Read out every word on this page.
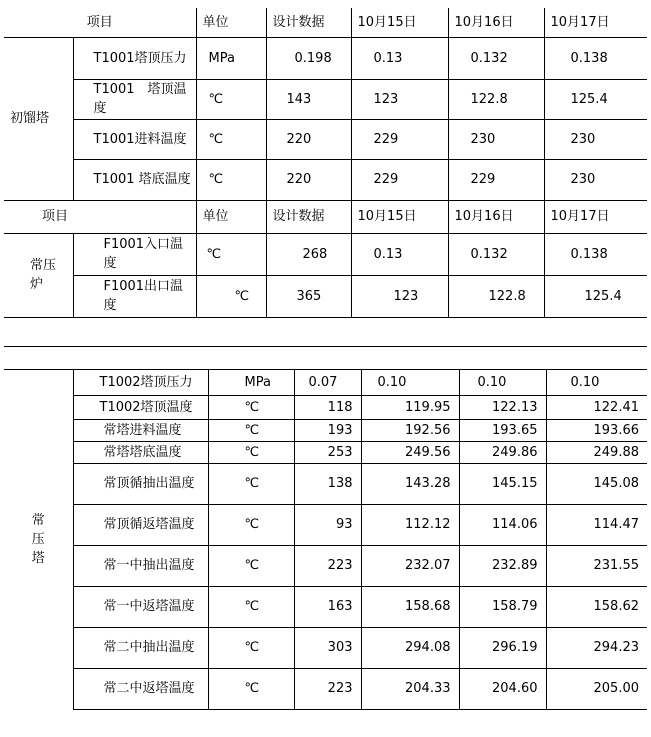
项目		单位	设计数据	10月15日	10月16日	10月17日
初馏塔	T1001塔顶压力	MPa	0.198	0.13	0.132	0.138
	T1001　塔顶温度	℃	143	123	122.8	125.4
	T1001进料温度	℃	220	229	230	230
	T1001 塔底温度	℃	220	229	229	230
项目		单位	设计数据	10月15日	10月16日	10月17日
常压炉	F1001入口温度	℃	268	0.13	0.132	0.138
	F1001出口温度	℃	365	123	122.8	125.4

常压塔	T1002塔顶压力	MPa	0.07	0.10	0.10	0.10
	T1002塔顶温度	℃	118	119.95	122.13	122.41
	常塔进料温度	℃	193	192.56	193.65	193.66
	常塔塔底温度	℃	253	249.56	249.86	249.88
	常顶循抽出温度	℃	138	143.28	145.15	145.08
	常顶循返塔温度	℃	93	112.12	114.06	114.47
	常一中抽出温度	℃	223	232.07	232.89	231.55
	常一中返塔温度	℃	163	158.68	158.79	158.62
	常二中抽出温度	℃	303	294.08	296.19	294.23
	常二中返塔温度	℃	223	204.33	204.60	205.00
